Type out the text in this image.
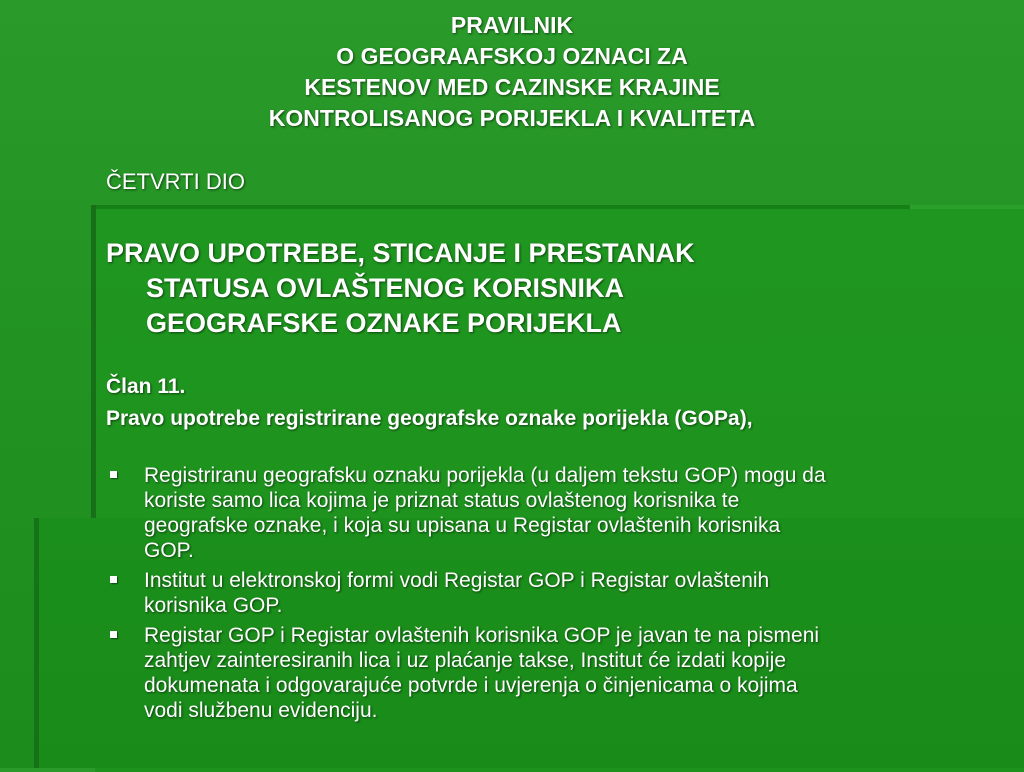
PRAVILNIK
O GEOGRAAFSKOJ OZNACI ZA
KESTENOV MED CAZINSKE KRAJINE
KONTROLISANOG PORIJEKLA I KVALITETA

ČETVRTI DIO

PRAVO UPOTREBE, STICANJE I PRESTANAK
STATUSA OVLAŠTENOG KORISNIKA
GEOGRAFSKE OZNAKE PORIJEKLA

Član 11.

Pravo upotrebe registrirane geografske oznake porijekla (GOPa),

Registriranu geografsku oznaku porijekla (u daljem tekstu GOP) mogu da
koriste samo lica kojima je priznat status ovlaštenog korisnika te
geografske oznake, i koja su upisana u Registar ovlaštenih korisnika
GOP.
Institut u elektronskoj formi vodi Registar GOP i Registar ovlaštenih
korisnika GOP.
Registar GOP i Registar ovlaštenih korisnika GOP je javan te na pismeni
zahtjev zainteresiranih lica i uz plaćanje takse, Institut će izdati kopije
dokumenata i odgovarajuće potvrde i uvjerenja o činjenicama o kojima
vodi službenu evidenciju.
